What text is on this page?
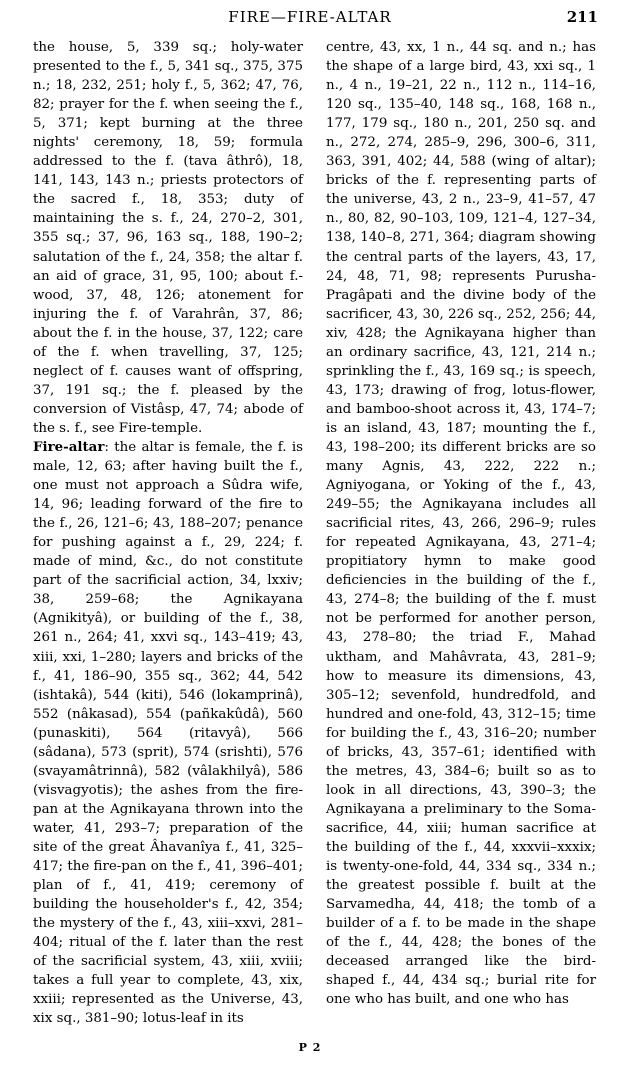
FIRE—FIRE-ALTAR	211

the house, 5, 339 sq.; holy-water presented to the f., 5, 341 sq., 375, 375 n.; 18, 232, 251; holy f., 5, 362; 47, 76, 82; prayer for the f. when seeing the f., 5, 371; kept burning at the three nights' ceremony, 18, 59; formula addressed to the f. (tava âthrô), 18, 141, 143, 143 n.; priests protectors of the sacred f., 18, 353; duty of maintaining the s. f., 24, 270–2, 301, 355 sq.; 37, 96, 163 sq., 188, 190–2; salutation of the f., 24, 358; the altar f. an aid of grace, 31, 95, 100; about f.-wood, 37, 48, 126; atonement for injuring the f. of Varahrân, 37, 86; about the f. in the house, 37, 122; care of the f. when travelling, 37, 125; neglect of f. causes want of offspring, 37, 191 sq.; the f. pleased by the conversion of Vistâsp, 47, 74; abode of the s. f., see Fire-temple.

Fire-altar: the altar is female, the f. is male, 12, 63; after having built the f., one must not approach a Sûdra wife, 14, 96; leading forward of the fire to the f., 26, 121–6; 43, 188–207; penance for pushing against a f., 29, 224; f. made of mind, &c., do not constitute part of the sacrificial action, 34, lxxiv; 38, 259–68; the Agnikayana (Agnikityâ), or building of the f., 38, 261 n., 264; 41, xxvi sq., 143–419; 43, xiii, xxi, 1–280; layers and bricks of the f., 41, 186–90, 355 sq., 362; 44, 542 (ishtakâ), 544 (kiti), 546 (lokamprinâ), 552 (nâkasad), 554 (pañkakûdâ), 560 (punaskiti), 564 (ritavyâ), 566 (sâdana), 573 (sprit), 574 (srishti), 576 (svayamâtrinnâ), 582 (vâlakhilyâ), 586 (visvagyotis); the ashes from the fire-pan at the Agnikayana thrown into the water, 41, 293–7; preparation of the site of the great Âhavanîya f., 41, 325–417; the fire-pan on the f., 41, 396–401; plan of f., 41, 419; ceremony of building the householder's f., 42, 354; the mystery of the f., 43, xiii–xxvi, 281–404; ritual of the f. later than the rest of the sacrificial system, 43, xiii, xviii; takes a full year to complete, 43, xix, xxiii; represented as the Universe, 43, xix sq., 381–90; lotus-leaf in its

centre, 43, xx, 1 n., 44 sq. and n.; has the shape of a large bird, 43, xxi sq., 1 n., 4 n., 19–21, 22 n., 112 n., 114–16, 120 sq., 135–40, 148 sq., 168, 168 n., 177, 179 sq., 180 n., 201, 250 sq. and n., 272, 274, 285–9, 296, 300–6, 311, 363, 391, 402; 44, 588 (wing of altar); bricks of the f. representing parts of the universe, 43, 2 n., 23–9, 41–57, 47 n., 80, 82, 90–103, 109, 121–4, 127–34, 138, 140–8, 271, 364; diagram showing the central parts of the layers, 43, 17, 24, 48, 71, 98; represents Purusha-Pragâpati and the divine body of the sacrificer, 43, 30, 226 sq., 252, 256; 44, xiv, 428; the Agnikayana higher than an ordinary sacrifice, 43, 121, 214 n.; sprinkling the f., 43, 169 sq.; is speech, 43, 173; drawing of frog, lotus-flower, and bamboo-shoot across it, 43, 174–7; is an island, 43, 187; mounting the f., 43, 198–200; its different bricks are so many Agnis, 43, 222, 222 n.; Agniyogana, or Yoking of the f., 43, 249–55; the Agnikayana includes all sacrificial rites, 43, 266, 296–9; rules for repeated Agnikayana, 43, 271–4; propitiatory hymn to make good deficiencies in the building of the f., 43, 274–8; the building of the f. must not be performed for another person, 43, 278–80; the triad F., Mahad uktham, and Mahâvrata, 43, 281–9; how to measure its dimensions, 43, 305–12; sevenfold, hundredfold, and hundred and one-fold, 43, 312–15; time for building the f., 43, 316–20; number of bricks, 43, 357–61; identified with the metres, 43, 384–6; built so as to look in all directions, 43, 390–3; the Agnikayana a preliminary to the Soma-sacrifice, 44, xiii; human sacrifice at the building of the f., 44, xxxvii–xxxix; is twenty-one-fold, 44, 334 sq., 334 n.; the greatest possible f. built at the Sarvamedha, 44, 418; the tomb of a builder of a f. to be made in the shape of the f., 44, 428; the bones of the deceased arranged like the bird-shaped f., 44, 434 sq.; burial rite for one who has built, and one who has

P 2
